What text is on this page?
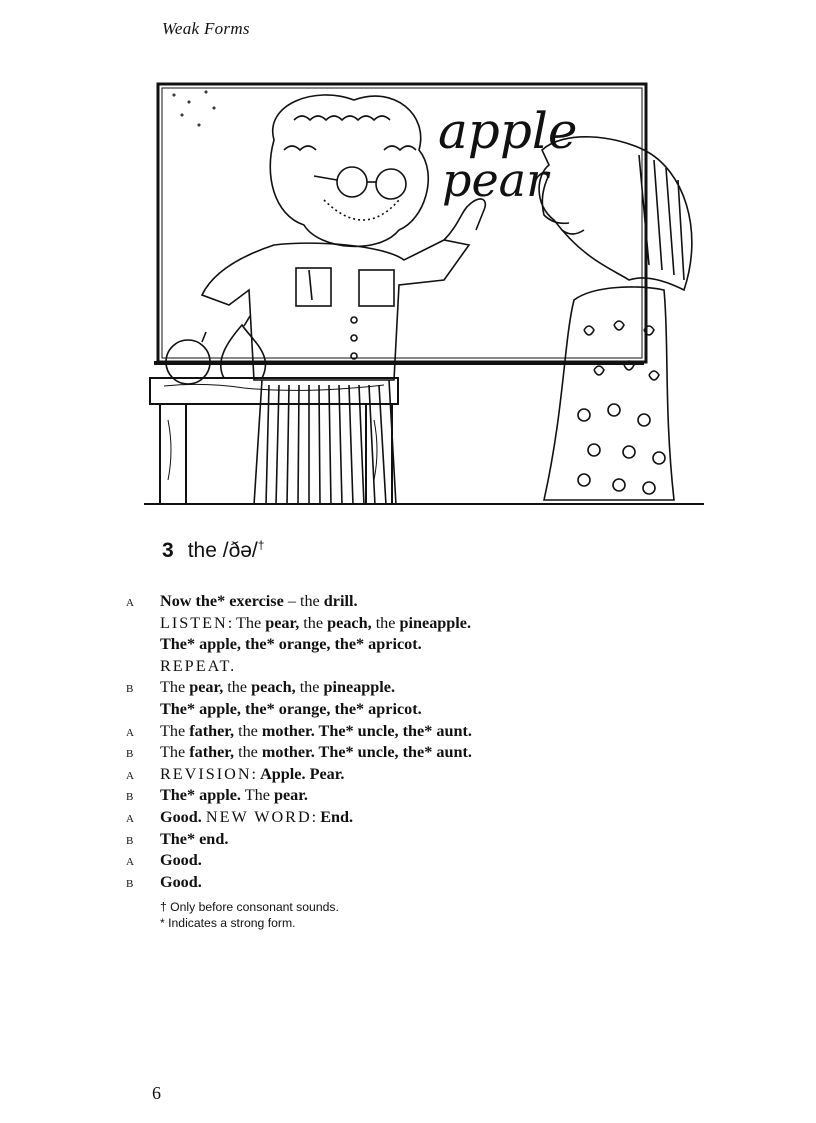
Weak Forms
apple
pear
3 the /ðə/†
A	Now the* exercise – the drill.
LISTEN: The pear, the peach, the pineapple.
The* apple, the* orange, the* apricot.
REPEAT.
B	The pear, the peach, the pineapple.
The* apple, the* orange, the* apricot.
A	The father, the mother. The* uncle, the* aunt.
B	The father, the mother. The* uncle, the* aunt.
A	REVISION: Apple. Pear.
B	The* apple. The pear.
A	Good. NEW WORD: End.
B	The* end.
A	Good.
B	Good.
† Only before consonant sounds.
* Indicates a strong form.
6
